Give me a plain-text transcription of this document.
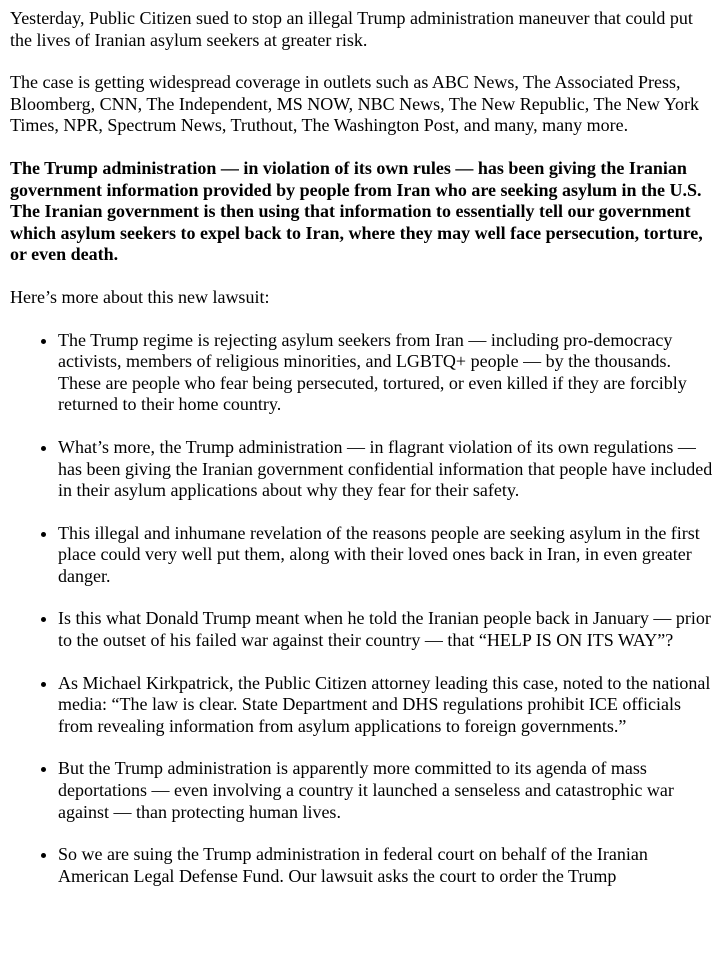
Yesterday, Public Citizen sued to stop an illegal Trump administration maneuver that could put the lives of Iranian asylum seekers at greater risk.

The case is getting widespread coverage in outlets such as ABC News, The Associated Press, Bloomberg, CNN, The Independent, MS NOW, NBC News, The New Republic, The New York Times, NPR, Spectrum News, Truthout, The Washington Post, and many, many more.

The Trump administration — in violation of its own rules — has been giving the Iranian government information provided by people from Iran who are seeking asylum in the U.S. The Iranian government is then using that information to essentially tell our government which asylum seekers to expel back to Iran, where they may well face persecution, torture, or even death.

Here’s more about this new lawsuit:

• The Trump regime is rejecting asylum seekers from Iran — including pro-democracy activists, members of religious minorities, and LGBTQ+ people — by the thousands. These are people who fear being persecuted, tortured, or even killed if they are forcibly returned to their home country.
• What’s more, the Trump administration — in flagrant violation of its own regulations — has been giving the Iranian government confidential information that people have included in their asylum applications about why they fear for their safety.
• This illegal and inhumane revelation of the reasons people are seeking asylum in the first place could very well put them, along with their loved ones back in Iran, in even greater danger.
• Is this what Donald Trump meant when he told the Iranian people back in January — prior to the outset of his failed war against their country — that “HELP IS ON ITS WAY”?
• As Michael Kirkpatrick, the Public Citizen attorney leading this case, noted to the national media: “The law is clear. State Department and DHS regulations prohibit ICE officials from revealing information from asylum applications to foreign governments.”
• But the Trump administration is apparently more committed to its agenda of mass deportations — even involving a country it launched a senseless and catastrophic war against — than protecting human lives.
• So we are suing the Trump administration in federal court on behalf of the Iranian American Legal Defense Fund. Our lawsuit asks the court to order the Trump
